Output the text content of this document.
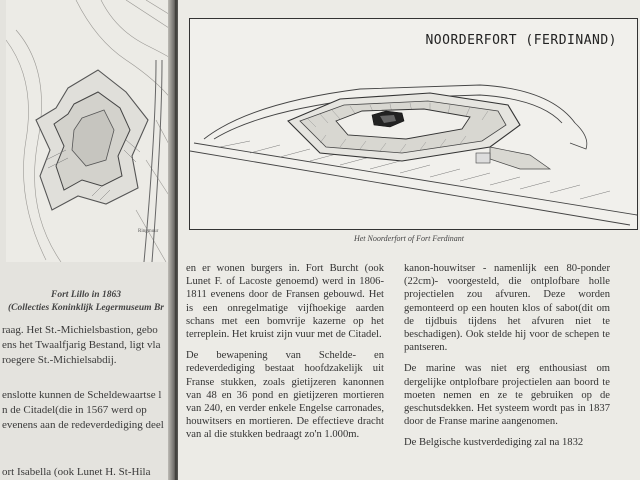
Ringmuur
Fort Lillo in 1863
(Collecties Koninklijk Legermuseum Br
raag. Het St.-Michielsbastion, gebo
ens het Twaalfjarig Bestand, ligt vla
roegere St.-Michielsabdij.
enslotte kunnen de Scheldewaartse l
n de Citadel(die in 1567 werd op
evenens aan de redeverdediging deel
ort Isabella (ook Lunet H. St-Hila
NOORDERFORT (FERDINAND)
Het Noorderfort of Fort Ferdinant

en er wonen burgers in. Fort Burcht (ook Lunet F. of Lacoste genoemd) werd in 1806-1811 evenens door de Fransen gebouwd. Het is een onregelmatige vijfhoekige aarden schans met een bomvrije kazerne op het terreplein. Het kruist zijn vuur met de Citadel.

De bewapening van Schelde- en redeverdediging bestaat hoofdzakelijk uit Franse stukken, zoals gietijzeren kanonnen van 48 en 36 pond en gietijzeren mortieren van 240, en verder enkele Engelse carronades, houwitsers en mortieren. De effectieve dracht van al die stukken bedraagt zo'n 1.000m.

kanon-houwitser - namenlijk een 80-ponder (22cm)- voorgesteld, die ontplofbare holle projectielen zou afvuren. Deze worden gemonteerd op een houten klos of sabot(dit om de tijdbuis tijdens het afvuren niet te beschadigen). Ook stelde hij voor de schepen te pantseren.

De marine was niet erg enthousiast om dergelijke ontplofbare projectielen aan boord te moeten nemen en ze te gebruiken op de geschutsdekken. Het systeem wordt pas in 1837 door de Franse marine aangenomen.

De Belgische kustverdediging zal na 1832
